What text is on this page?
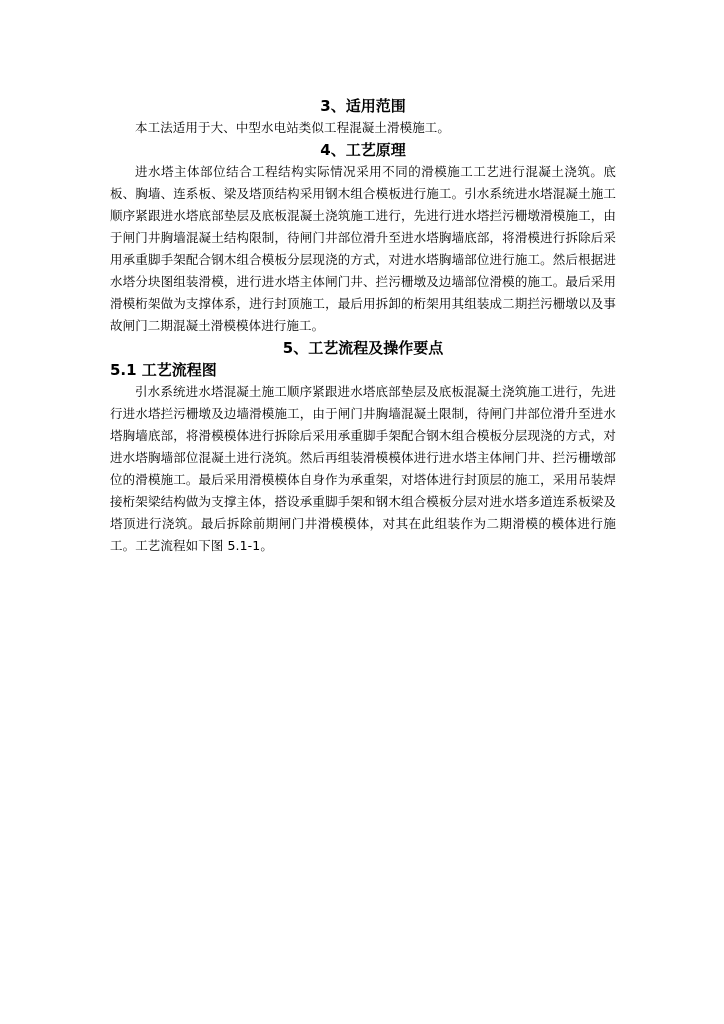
3、适用范围

本工法适用于大、中型水电站类似工程混凝土滑模施工。

4、工艺原理

进水塔主体部位结合工程结构实际情况采用不同的滑模施工工艺进行混凝土浇筑。底板、胸墙、连系板、梁及塔顶结构采用钢木组合模板进行施工。引水系统进水塔混凝土施工顺序紧跟进水塔底部垫层及底板混凝土浇筑施工进行，先进行进水塔拦污栅墩滑模施工，由于闸门井胸墙混凝土结构限制，待闸门井部位滑升至进水塔胸墙底部，将滑模进行拆除后采用承重脚手架配合钢木组合模板分层现浇的方式，对进水塔胸墙部位进行施工。然后根据进水塔分块图组装滑模，进行进水塔主体闸门井、拦污栅墩及边墙部位滑模的施工。最后采用滑模桁架做为支撑体系，进行封顶施工，最后用拆卸的桁架用其组装成二期拦污栅墩以及事故闸门二期混凝土滑模模体进行施工。

5、工艺流程及操作要点
5.1 工艺流程图

引水系统进水塔混凝土施工顺序紧跟进水塔底部垫层及底板混凝土浇筑施工进行，先进行进水塔拦污栅墩及边墙滑模施工，由于闸门井胸墙混凝土限制，待闸门井部位滑升至进水塔胸墙底部，将滑模模体进行拆除后采用承重脚手架配合钢木组合模板分层现浇的方式，对进水塔胸墙部位混凝土进行浇筑。然后再组装滑模模体进行进水塔主体闸门井、拦污栅墩部位的滑模施工。最后采用滑模模体自身作为承重架，对塔体进行封顶层的施工，采用吊装焊接桁架梁结构做为支撑主体，搭设承重脚手架和钢木组合模板分层对进水塔多道连系板梁及塔顶进行浇筑。最后拆除前期闸门井滑模模体，对其在此组装作为二期滑模的模体进行施工。工艺流程如下图 5.1-1。
